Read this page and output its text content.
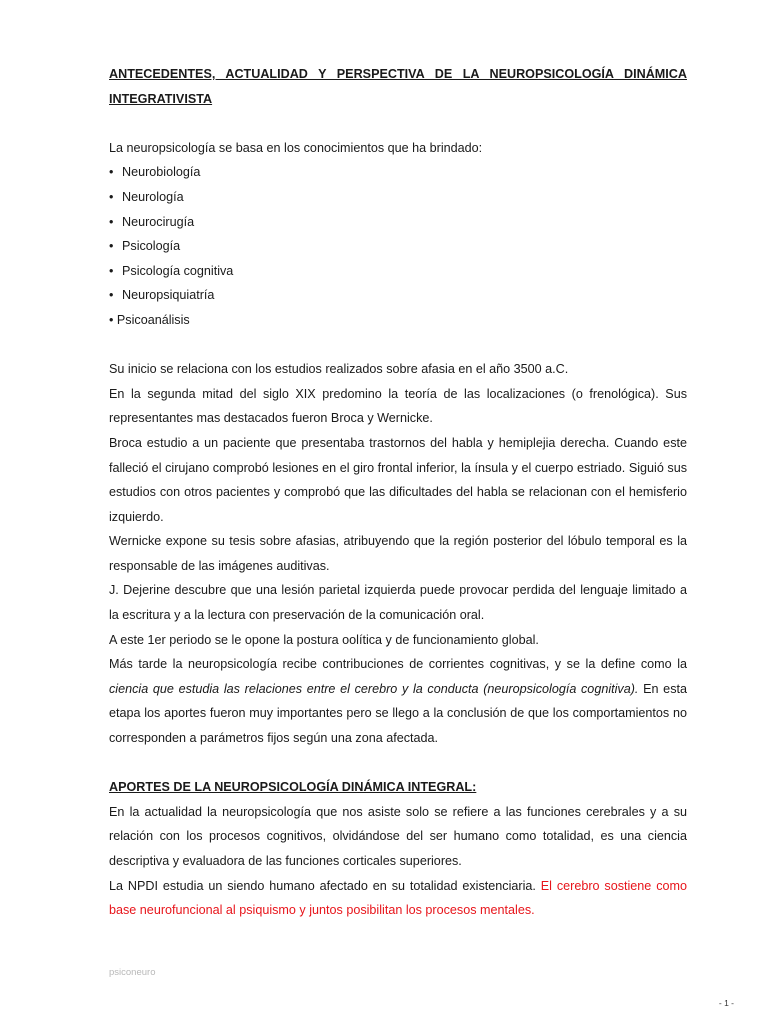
ANTECEDENTES, ACTUALIDAD Y PERSPECTIVA DE LA NEUROPSICOLOGÍA DINÁMICA INTEGRATIVISTA

La neuropsicología se basa en los conocimientos que ha brindado:

• Neurobiología
• Neurología
• Neurocirugía
• Psicología
• Psicología cognitiva
• Neuropsiquiatría
• Psicoanálisis

Su inicio se relaciona con los estudios realizados sobre afasia en el año 3500 a.C.

En la segunda mitad del siglo XIX predomino la teoría de las localizaciones (o frenológica). Sus representantes mas destacados fueron Broca y Wernicke.

Broca estudio a un paciente que presentaba trastornos del habla y hemiplejia derecha. Cuando este falleció el cirujano comprobó lesiones en el giro frontal inferior, la ínsula y el cuerpo estriado. Siguió sus estudios con otros pacientes y comprobó que las dificultades del habla se relacionan con el hemisferio izquierdo.

Wernicke expone su tesis sobre afasias, atribuyendo que la región posterior del lóbulo temporal es la responsable de las imágenes auditivas.

J. Dejerine descubre que una lesión parietal izquierda puede provocar perdida del lenguaje limitado a la escritura y a la lectura con preservación de la comunicación oral.

A este 1er periodo se le opone la postura oolítica y de funcionamiento global.

Más tarde la neuropsicología recibe contribuciones de corrientes cognitivas, y se la define como la ciencia que estudia las relaciones entre el cerebro y la conducta (neuropsicología cognitiva). En esta etapa los aportes fueron muy importantes pero se llego a la conclusión de que los comportamientos no corresponden a parámetros fijos según una zona afectada.

APORTES DE LA NEUROPSICOLOGÍA DINÁMICA INTEGRAL:

En la actualidad la neuropsicología que nos asiste solo se refiere a las funciones cerebrales y a su relación con los procesos cognitivos, olvidándose del ser humano como totalidad, es una ciencia descriptiva y evaluadora de las funciones corticales superiores.

La NPDI estudia un siendo humano afectado en su totalidad existenciaria. El cerebro sostiene como base neurofuncional al psiquismo y juntos posibilitan los procesos mentales.

psiconeuro
- 1 -
